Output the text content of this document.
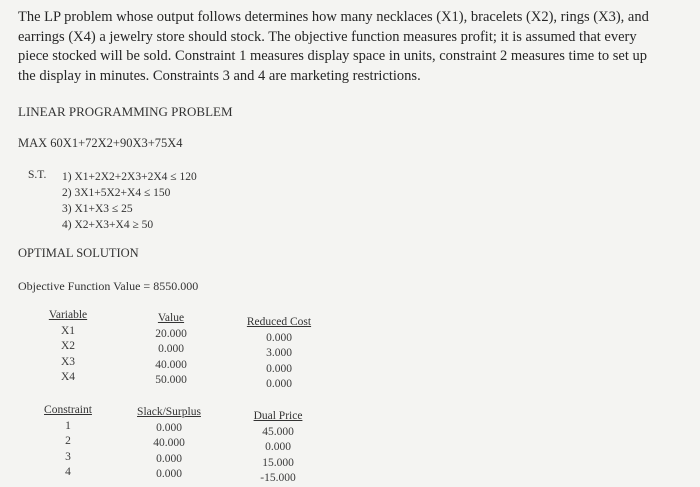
The LP problem whose output follows determines how many necklaces (X1), bracelets (X2), rings (X3), and earrings (X4) a jewelry store should stock. The objective function measures profit; it is assumed that every piece stocked will be sold. Constraint 1 measures display space in units, constraint 2 measures time to set up the display in minutes. Constraints 3 and 4 are marketing restrictions.
LINEAR PROGRAMMING PROBLEM
MAX 60X1+72X2+90X3+75X4
S.T. 1) X1+2X2+2X3+2X4 ≤ 120
2) 3X1+5X2+X4 ≤ 150
3) X1+X3 ≤ 25
4) X2+X3+X4 ≥ 50
OPTIMAL SOLUTION
Objective Function Value = 8550.000
Variable
X1
X2
X3
X4
Value
20.000
0.000
40.000
50.000
Reduced Cost
0.000
3.000
0.000
0.000
Constraint
1
2
3
4
Slack/Surplus
0.000
40.000
0.000
0.000
Dual Price
45.000
0.000
15.000
-15.000
